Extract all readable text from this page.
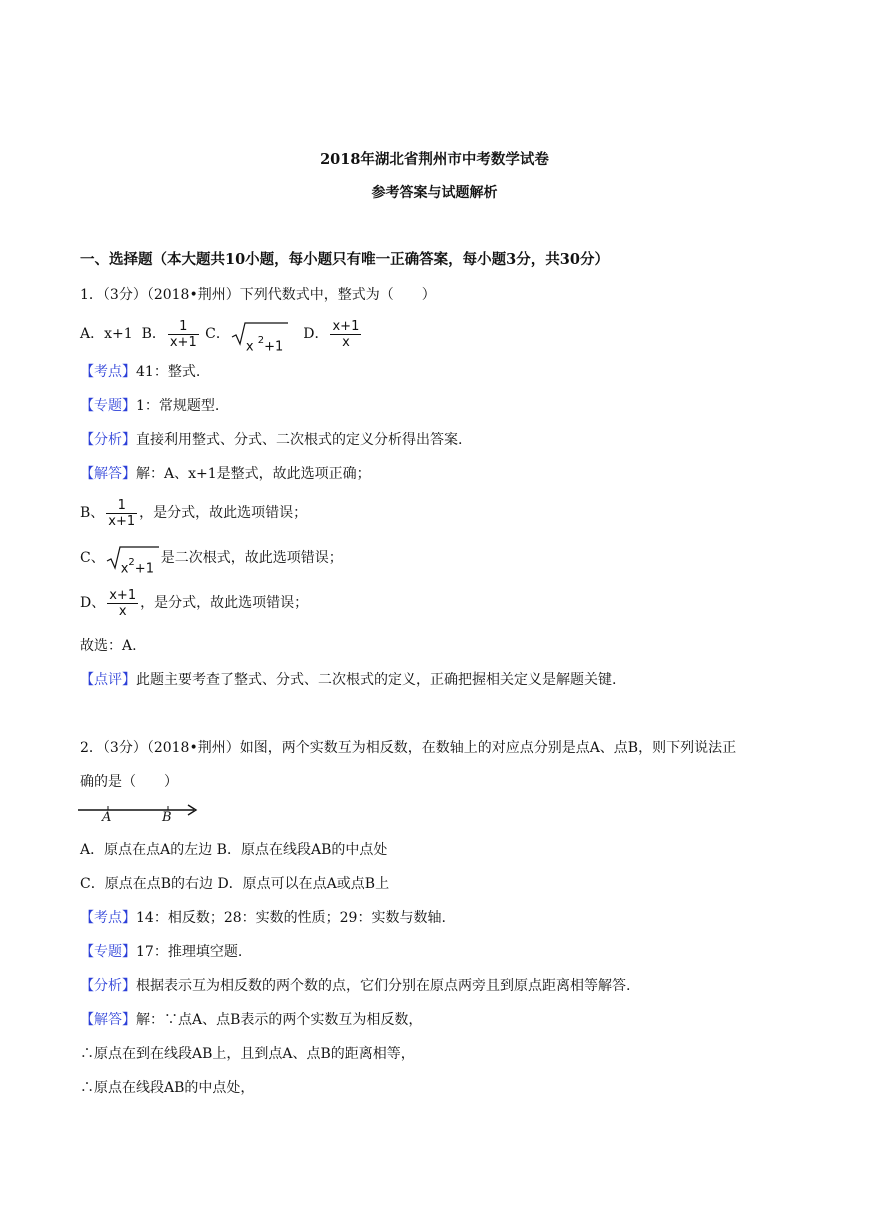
2018年湖北省荆州市中考数学试卷
参考答案与试题解析
一、选择题（本大题共10小题，每小题只有唯一正确答案，每小题3分，共30分）
1．（3分）（2018•荆州）下列代数式中，整式为（　　）
A．x+1 B． $\frac{1}{x+1}$ C．
x $^2$+1
D． $\frac{x+1}{x}$
【考点】41：整式.
【专题】1：常规题型.
【分析】直接利用整式、分式、二次根式的定义分析得出答案.
【解答】解：A、x+1是整式，故此选项正确；
B、 $\frac{1}{x+1}$ ，是分式，故此选项错误；
C、
$x^2+1$
是二次根式，故此选项错误；
D、 $\frac{x+1}{x}$ ，是分式，故此选项错误；
故选：A.
【点评】此题主要考查了整式、分式、二次根式的定义，正确把握相关定义是解题关键.
2．（3分）（2018•荆州）如图，两个实数互为相反数，在数轴上的对应点分别是点A、点B，则下列说法正
确的是（　　）
A	B
A．原点在点A的左边 B．原点在线段AB的中点处
C．原点在点B的右边 D．原点可以在点A或点B上
【考点】14：相反数；28：实数的性质；29：实数与数轴.
【专题】17：推理填空题.
【分析】根据表示互为相反数的两个数的点，它们分别在原点两旁且到原点距离相等解答.
【解答】解：∵点A、点B表示的两个实数互为相反数，
∴原点在到在线段AB上，且到点A、点B的距离相等，
∴原点在线段AB的中点处，
